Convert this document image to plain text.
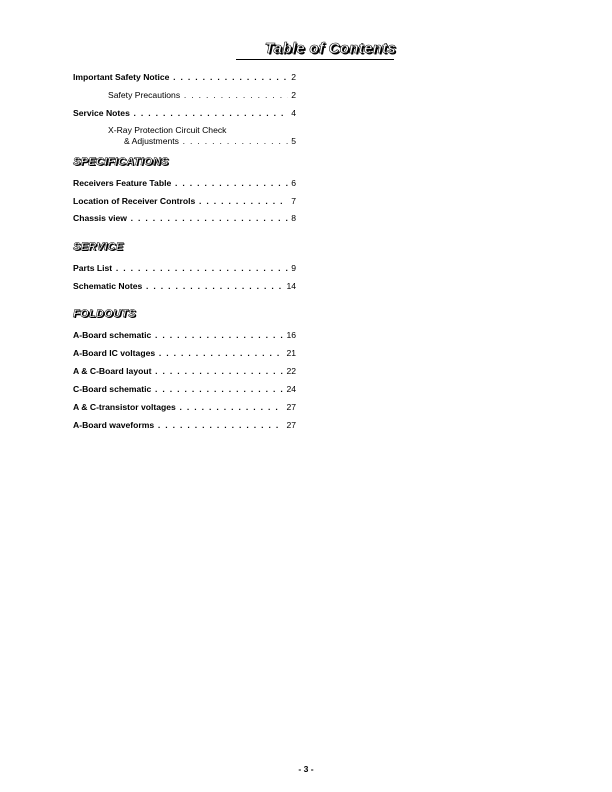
Table of Contents
Important Safety Notice . . .	2
Safety Precautions . . .	2
Service Notes . . .	4
X-Ray Protection Circuit Check
& Adjustments . . .	5
SPECIFICATIONS
Receivers Feature Table . . .	6
Location of Receiver Controls . . .	7
Chassis view . . .	8
SERVICE
Parts List . . .	9
Schematic Notes . . .	14
FOLDOUTS
A-Board schematic . . .	16
A-Board IC voltages . . .	21
A & C-Board layout . . .	22
C-Board schematic . . .	24
A & C-transistor voltages . . .	27
A-Board waveforms . . .	27
- 3 -
